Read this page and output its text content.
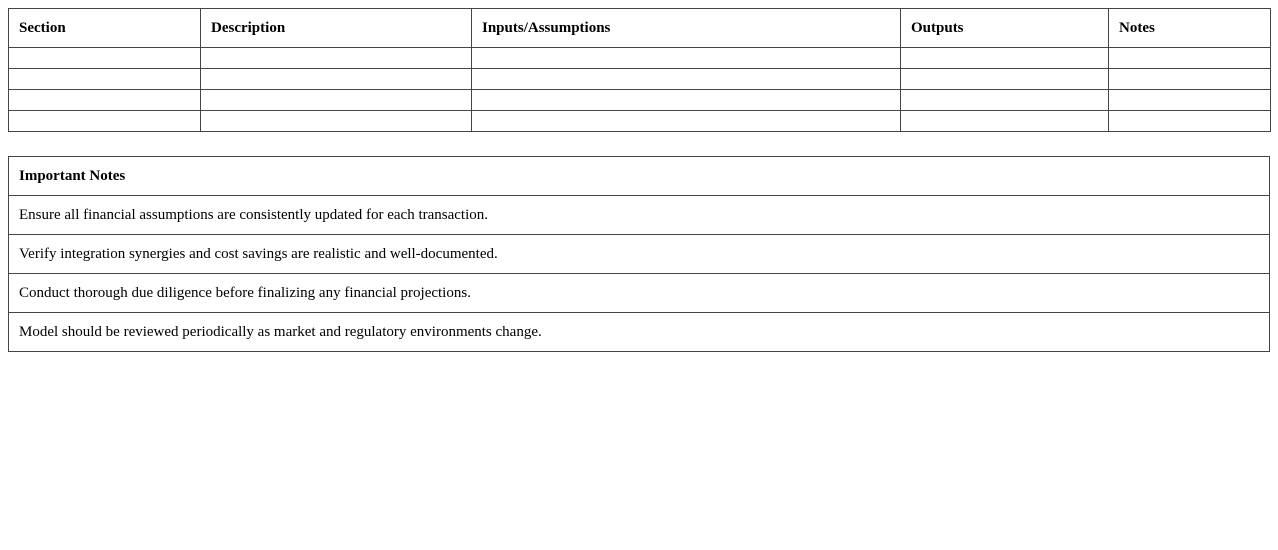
Section	Description	Inputs/Assumptions	Outputs	Notes

Important Notes
Ensure all financial assumptions are consistently updated for each transaction.
Verify integration synergies and cost savings are realistic and well-documented.
Conduct thorough due diligence before finalizing any financial projections.
Model should be reviewed periodically as market and regulatory environments change.
